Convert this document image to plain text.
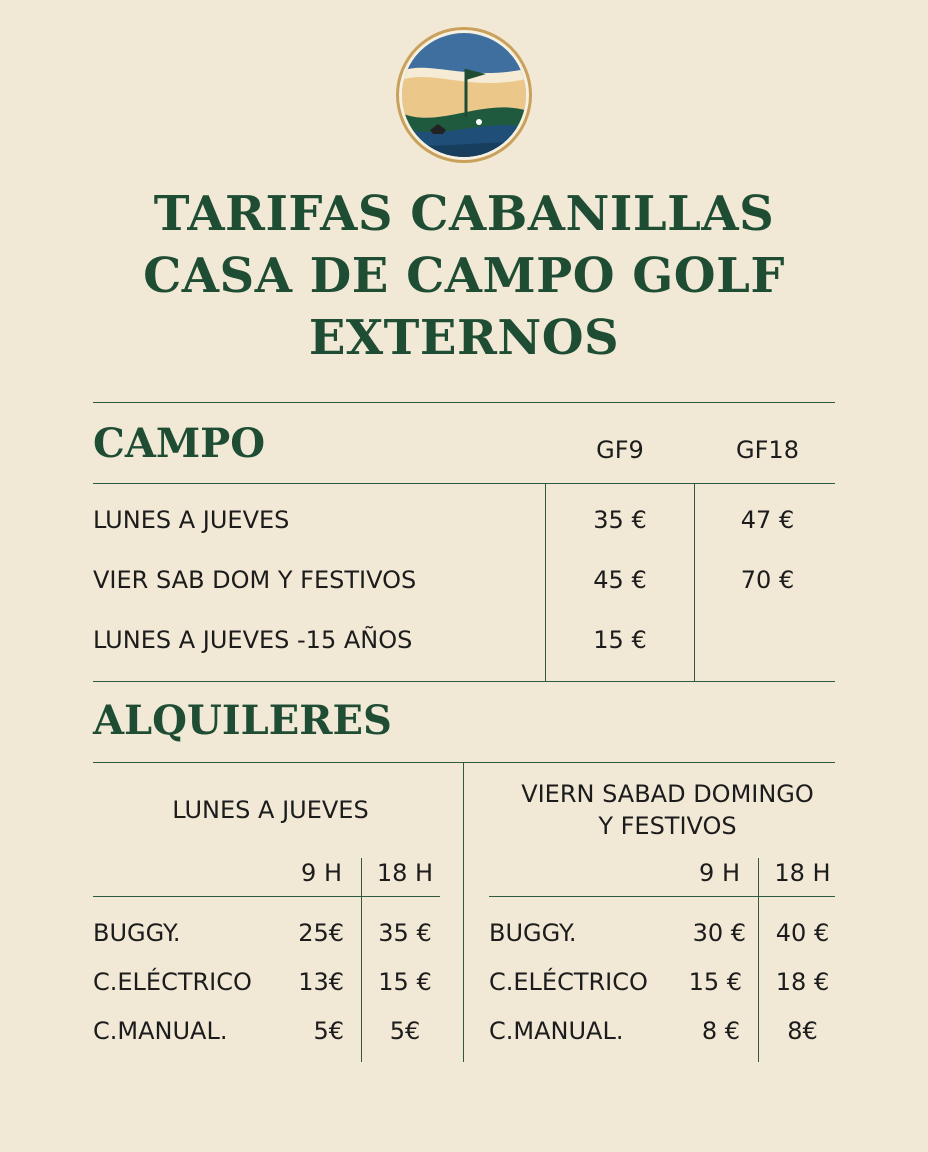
TARIFAS CABANILLAS
CASA DE CAMPO GOLF
EXTERNOS
CAMPO	GF9	GF18
LUNES A JUEVES	35 €	47 €
VIER SAB DOM Y FESTIVOS	45 €	70 €
LUNES A JUEVES -15 AÑOS	15 €
ALQUILERES
LUNES A JUEVES
9 H	18 H
BUGGY.	25€	35 €
C.ELÉCTRICO	13€	15 €
C.MANUAL.	5€	5€
VIERN SABAD DOMINGO
Y FESTIVOS
9 H	18 H
BUGGY.	30 €	40 €
C.ELÉCTRICO	15 €	18 €
C.MANUAL.	8 €	8€
